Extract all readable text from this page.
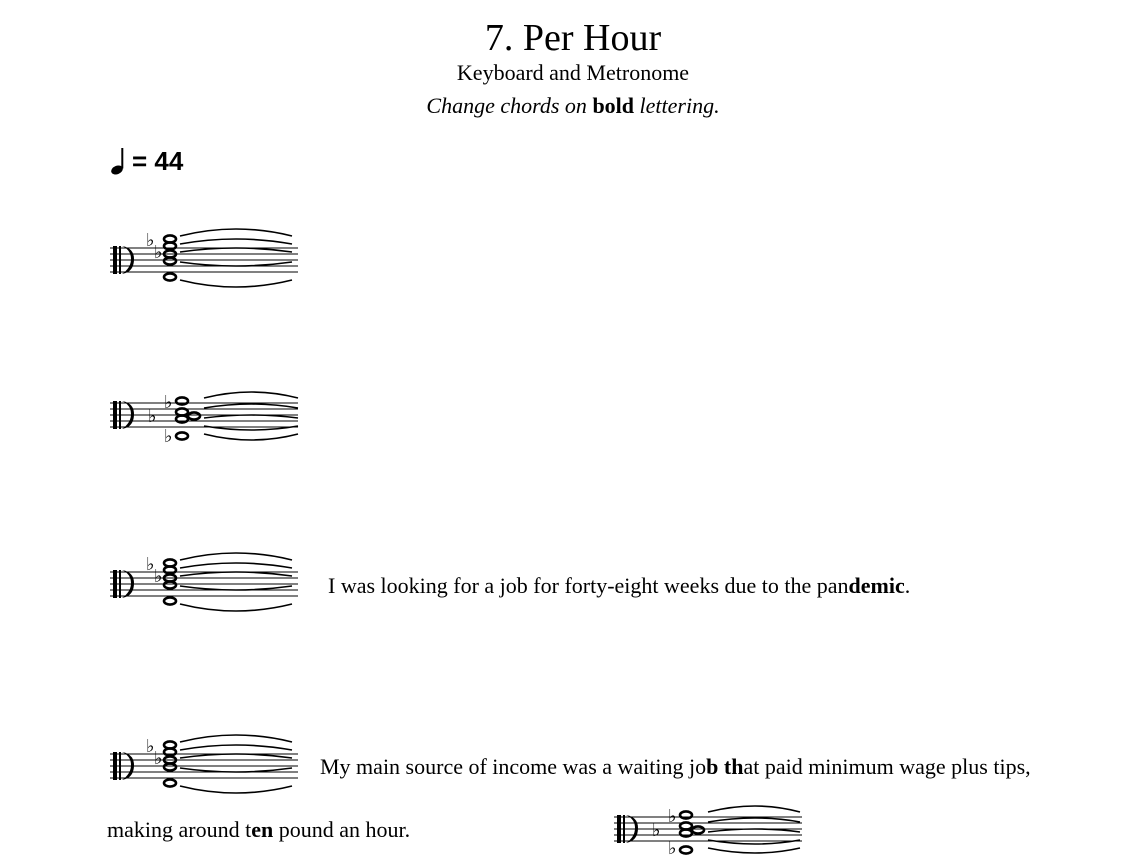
7. Per Hour
Keyboard and Metronome
Change chords on bold lettering.
= 44
♭
♭
♭
♭
♭
♭
♭	I was looking for a job for forty-eight weeks due to the pandemic.
♭
♭	My main source of income was a waiting job that paid minimum wage plus tips,
making around ten pound an hour.	♭
♭
♭
